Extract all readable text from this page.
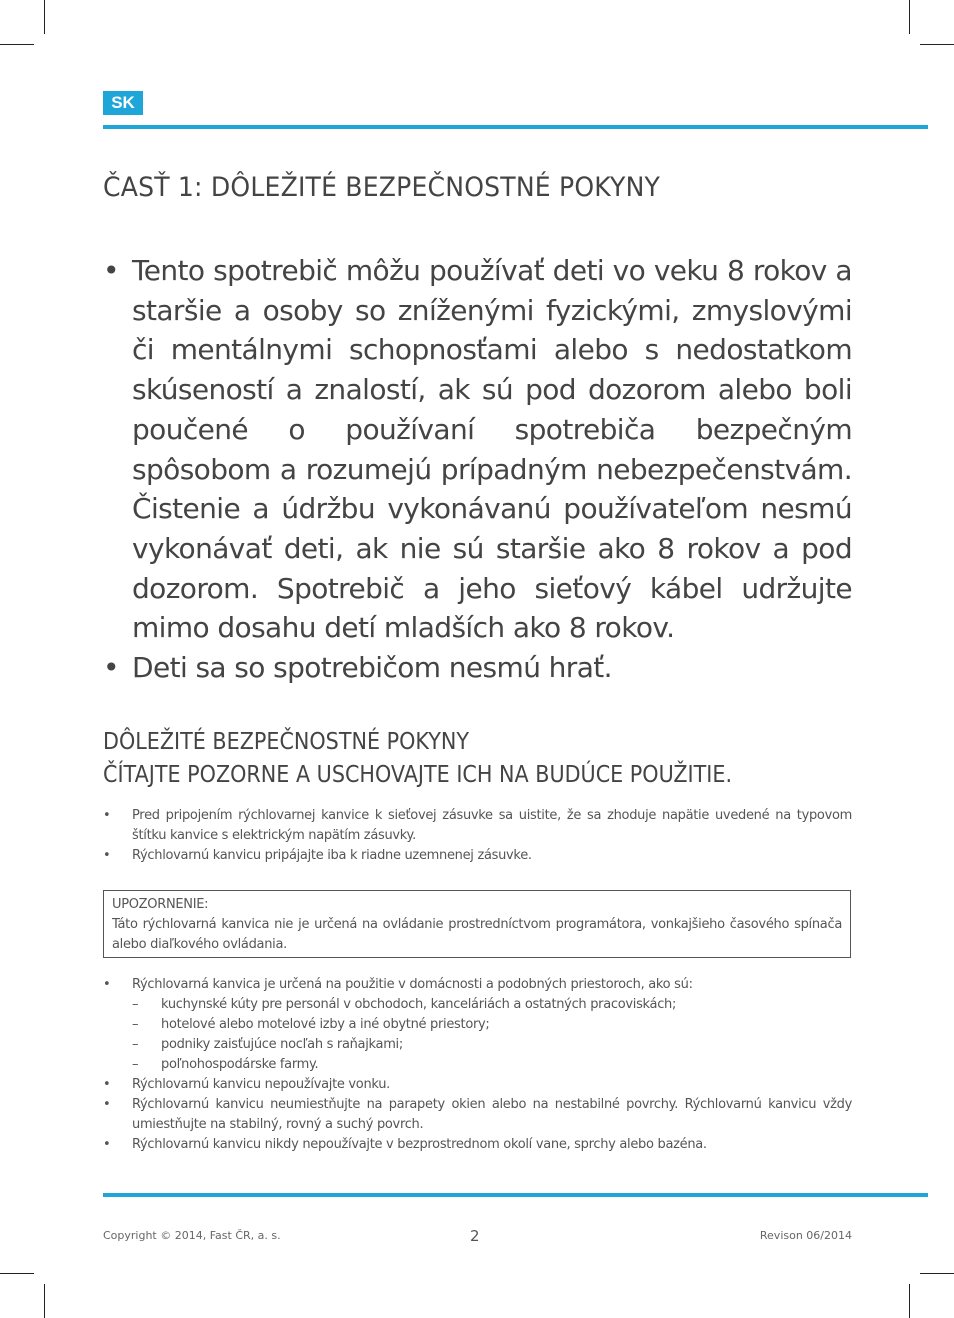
SK
ČASŤ 1: DÔLEŽITÉ BEZPEČNOSTNÉ POKYNY
• Tento spotrebič môžu používať deti vo veku 8 rokov a staršie a osoby so zníženými fyzickými, zmyslovými či mentálnymi schopnosťami alebo s nedostatkom skúseností a znalostí, ak sú pod dozorom alebo boli poučené o používaní spotrebiča bezpečným spôsobom a rozumejú prípadným nebezpečenstvám. Čistenie a údržbu vykonávanú používateľom nesmú vykonávať deti, ak nie sú staršie ako 8 rokov a pod dozorom. Spotrebič a jeho sieťový kábel udržujte mimo dosahu detí mladších ako 8 rokov.
• Deti sa so spotrebičom nesmú hrať.
DÔLEŽITÉ BEZPEČNOSTNÉ POKYNY
ČÍTAJTE POZORNE A USCHOVAJTE ICH NA BUDÚCE POUŽITIE.
• Pred pripojením rýchlovarnej kanvice k sieťovej zásuvke sa uistite, že sa zhoduje napätie uvedené na typovom štítku kanvice s elektrickým napätím zásuvky.
• Rýchlovarnú kanvicu pripájajte iba k riadne uzemnenej zásuvke.
UPOZORNENIE:
Táto rýchlovarná kanvica nie je určená na ovládanie prostredníctvom programátora, vonkajšieho časového spínača alebo diaľkového ovládania.
• Rýchlovarná kanvica je určená na použitie v domácnosti a podobných priestoroch, ako sú:
– kuchynské kúty pre personál v obchodoch, kanceláriách a ostatných pracoviskách;
– hotelové alebo motelové izby a iné obytné priestory;
– podniky zaisťujúce nocľah s raňajkami;
– poľnohospodárske farmy.
• Rýchlovarnú kanvicu nepoužívajte vonku.
• Rýchlovarnú kanvicu neumiestňujte na parapety okien alebo na nestabilné povrchy. Rýchlovarnú kanvicu vždy umiestňujte na stabilný, rovný a suchý povrch.
• Rýchlovarnú kanvicu nikdy nepoužívajte v bezprostrednom okolí vane, sprchy alebo bazéna.
Copyright © 2014, Fast ČR, a. s.	2	Revison 06/2014
